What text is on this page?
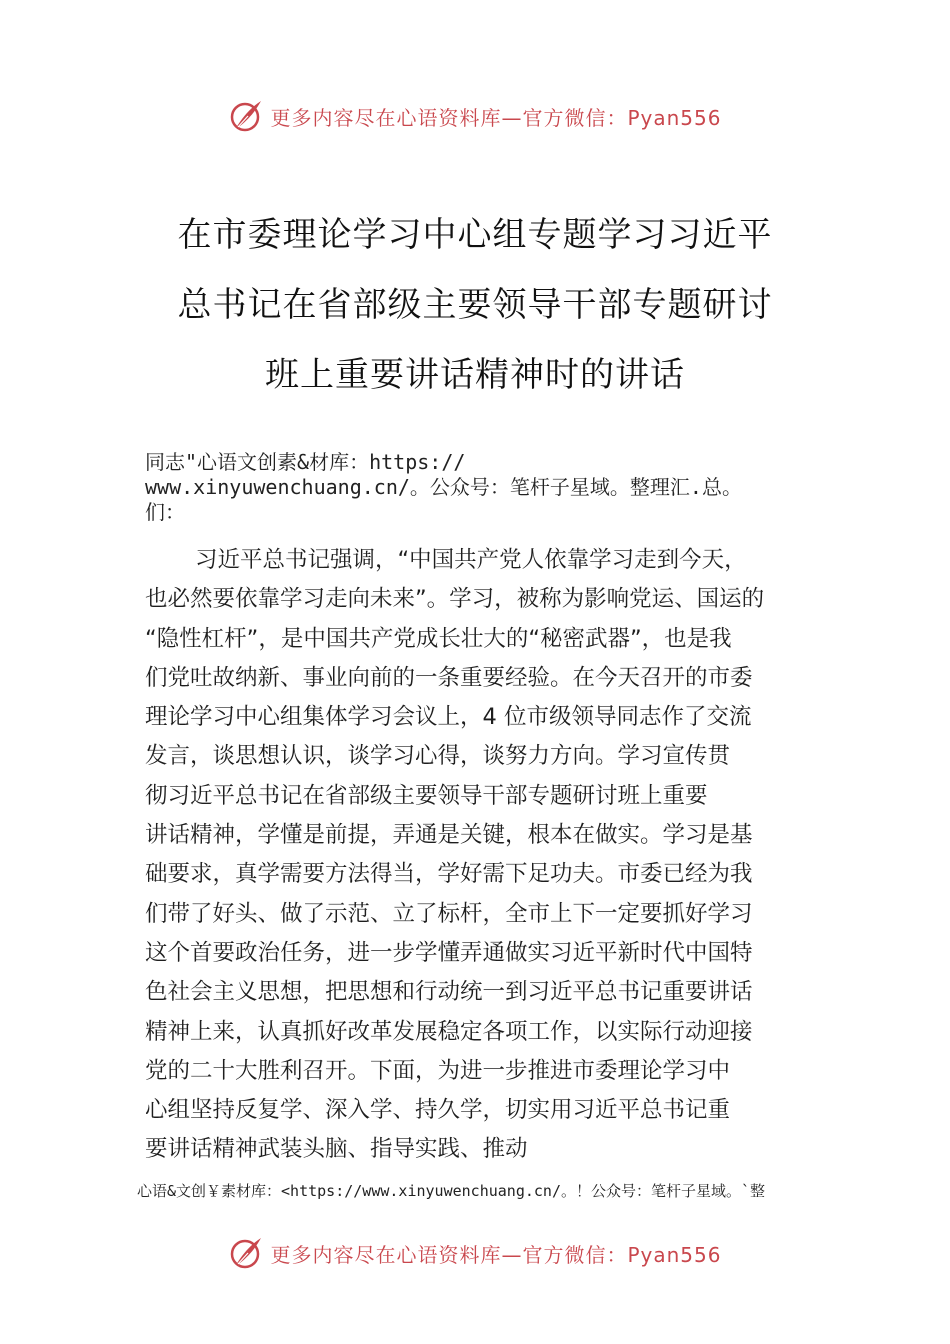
更多内容尽在心语资料库—官方微信：Pyan556
在市委理论学习中心组专题学习习近平
总书记在省部级主要领导干部专题研讨
班上重要讲话精神时的讲话
同志"心语文创素&材库：https://
www.xinyuwenchuang.cn/。公众号：笔杆子星域。整理汇.总。
们：
习近平总书记强调，“中国共产党人依靠学习走到今天，
也必然要依靠学习走向未来”。学习，被称为影响党运、国运的
“隐性杠杆”，是中国共产党成长壮大的“秘密武器”，也是我
们党吐故纳新、事业向前的一条重要经验。在今天召开的市委
理论学习中心组集体学习会议上，4 位市级领导同志作了交流
发言，谈思想认识，谈学习心得，谈努力方向。学习宣传贯
彻习近平总书记在省部级主要领导干部专题研讨班上重要
讲话精神，学懂是前提，弄通是关键，根本在做实。学习是基
础要求，真学需要方法得当，学好需下足功夫。市委已经为我
们带了好头、做了示范、立了标杆，全市上下一定要抓好学习
这个首要政治任务，进一步学懂弄通做实习近平新时代中国特
色社会主义思想，把思想和行动统一到习近平总书记重要讲话
精神上来，认真抓好改革发展稳定各项工作，以实际行动迎接
党的二十大胜利召开。下面，为进一步推进市委理论学习中
心组坚持反复学、深入学、持久学，切实用习近平总书记重
要讲话精神武装头脑、指导实践、推动
心语&文创￥素材库：<https://www.xinyuwenchuang.cn/。！公众号：笔杆子星域。`整
更多内容尽在心语资料库—官方微信：Pyan556
